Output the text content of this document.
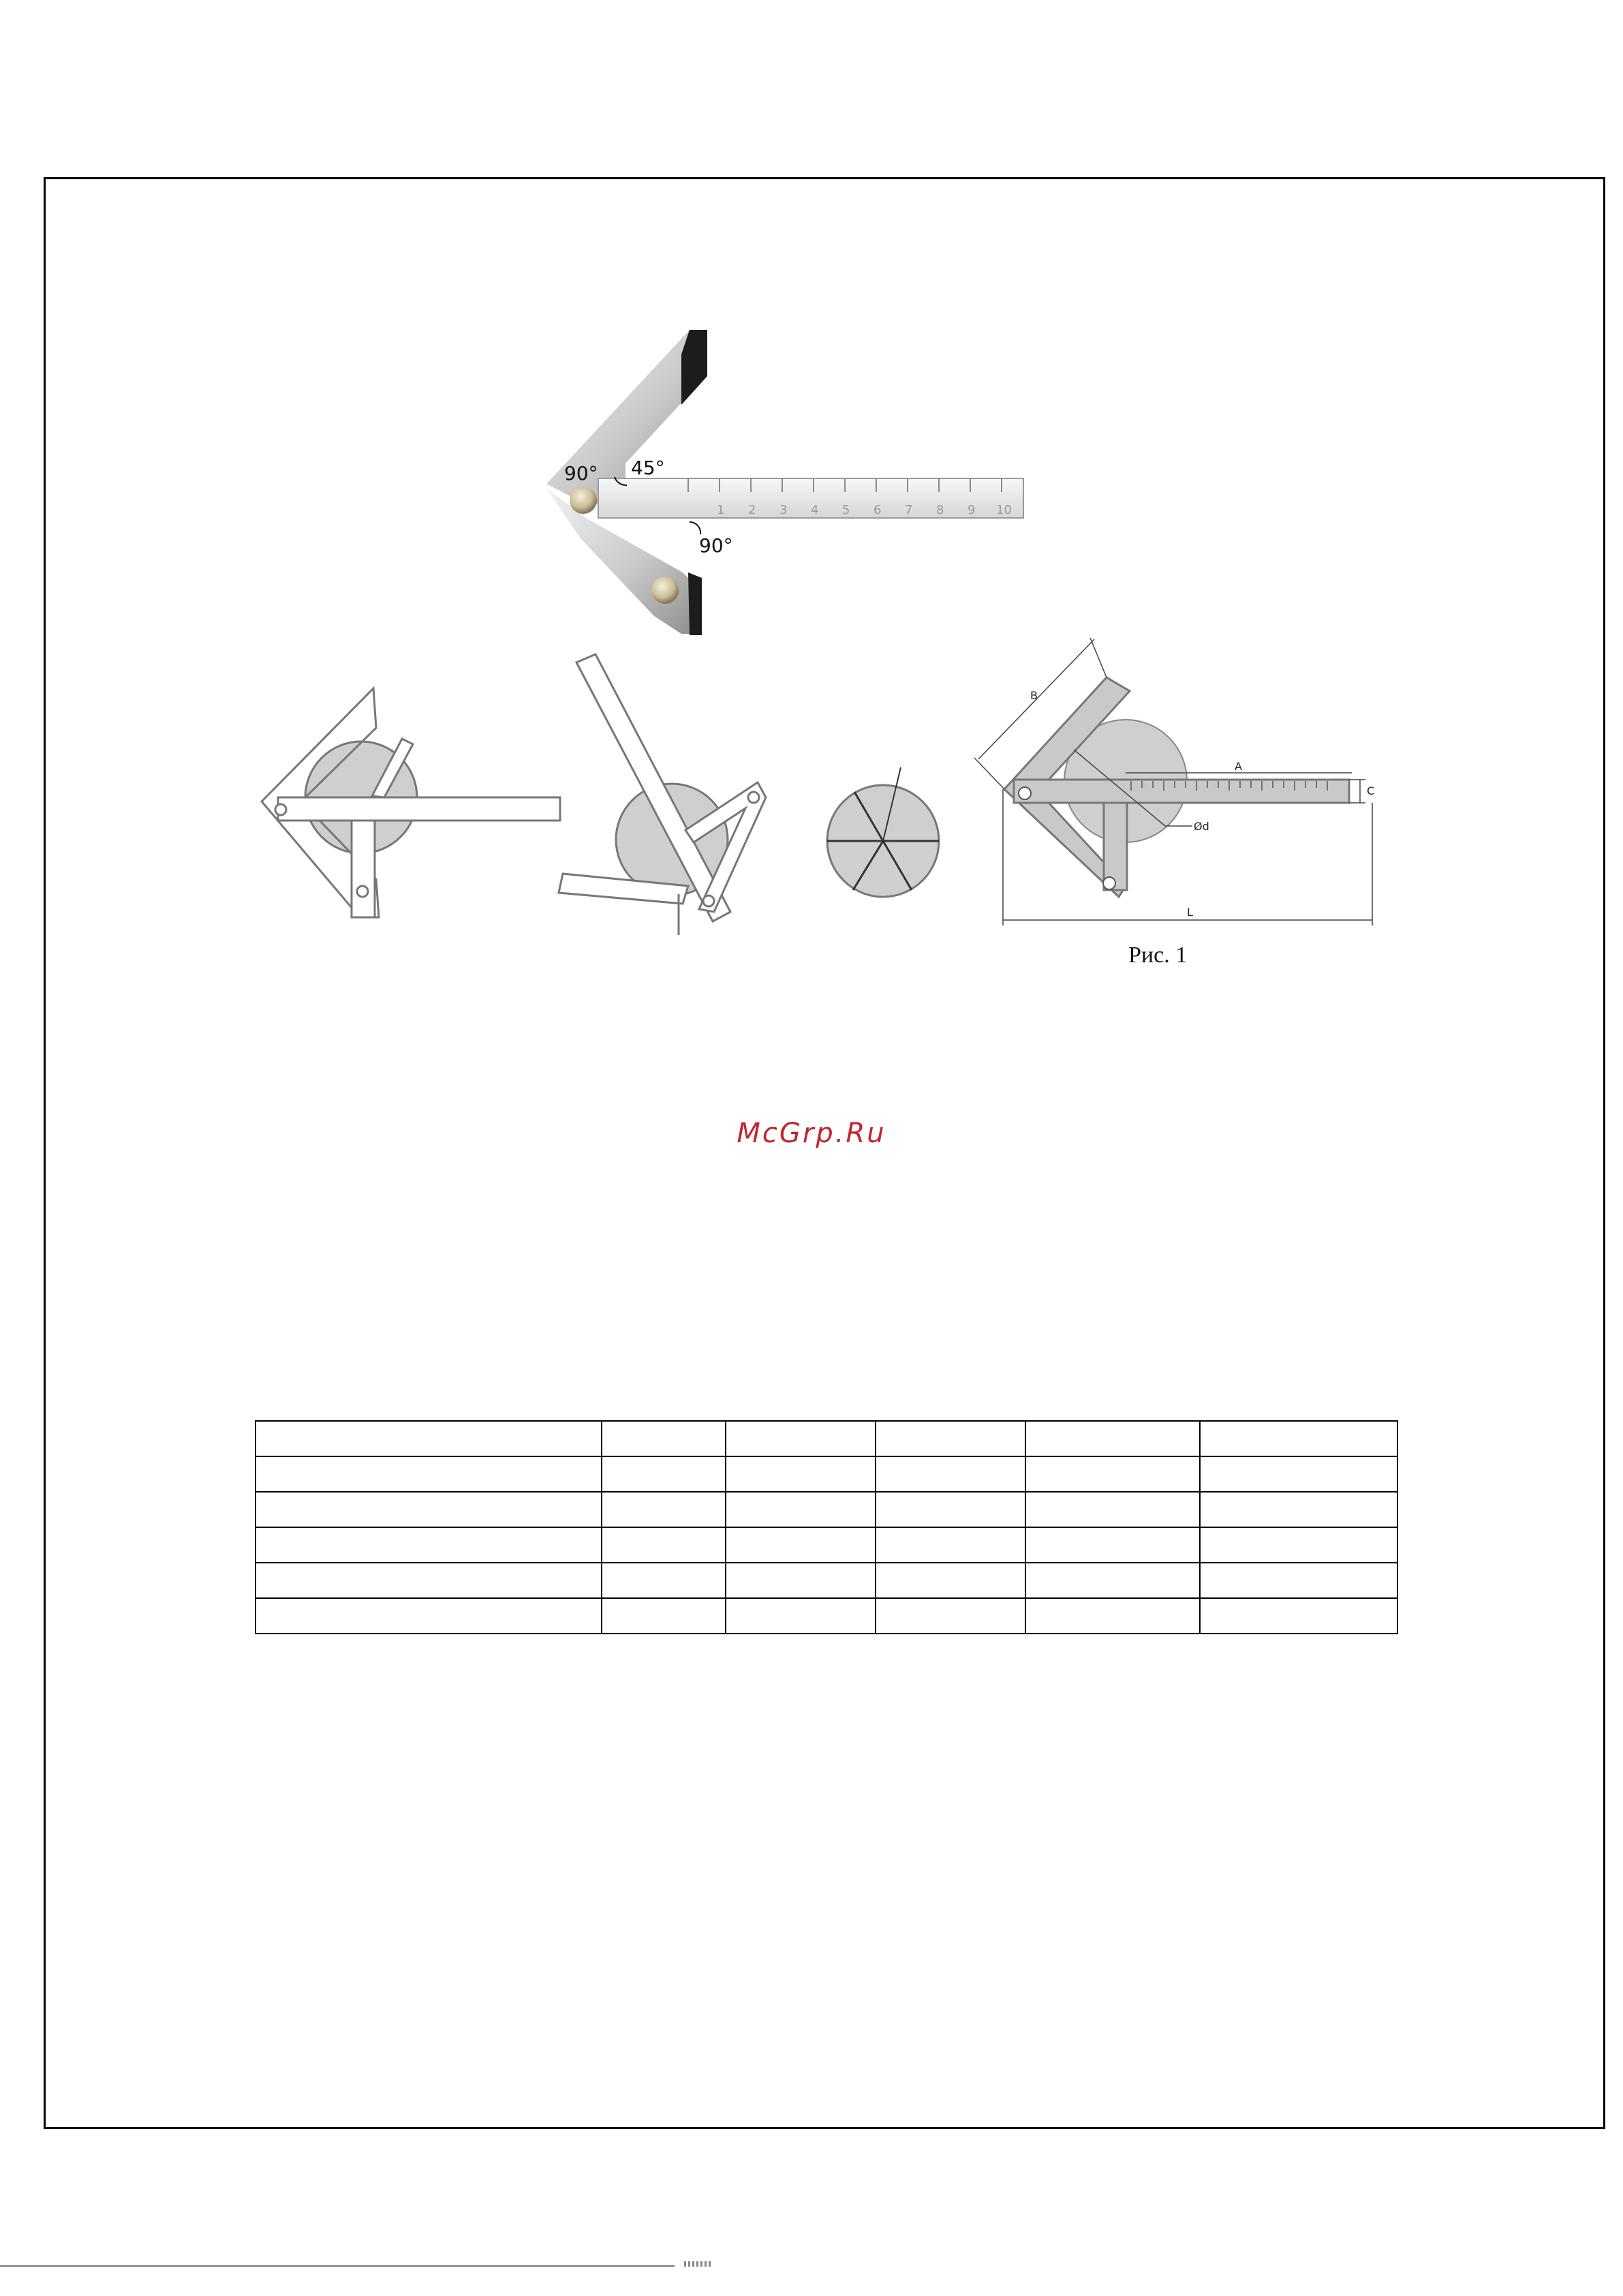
1 2 3 4 5 6 7 8 9 10
90° 45°
90°
B
A
C
Ød
L
Рис. 1
McGrp.Ru
